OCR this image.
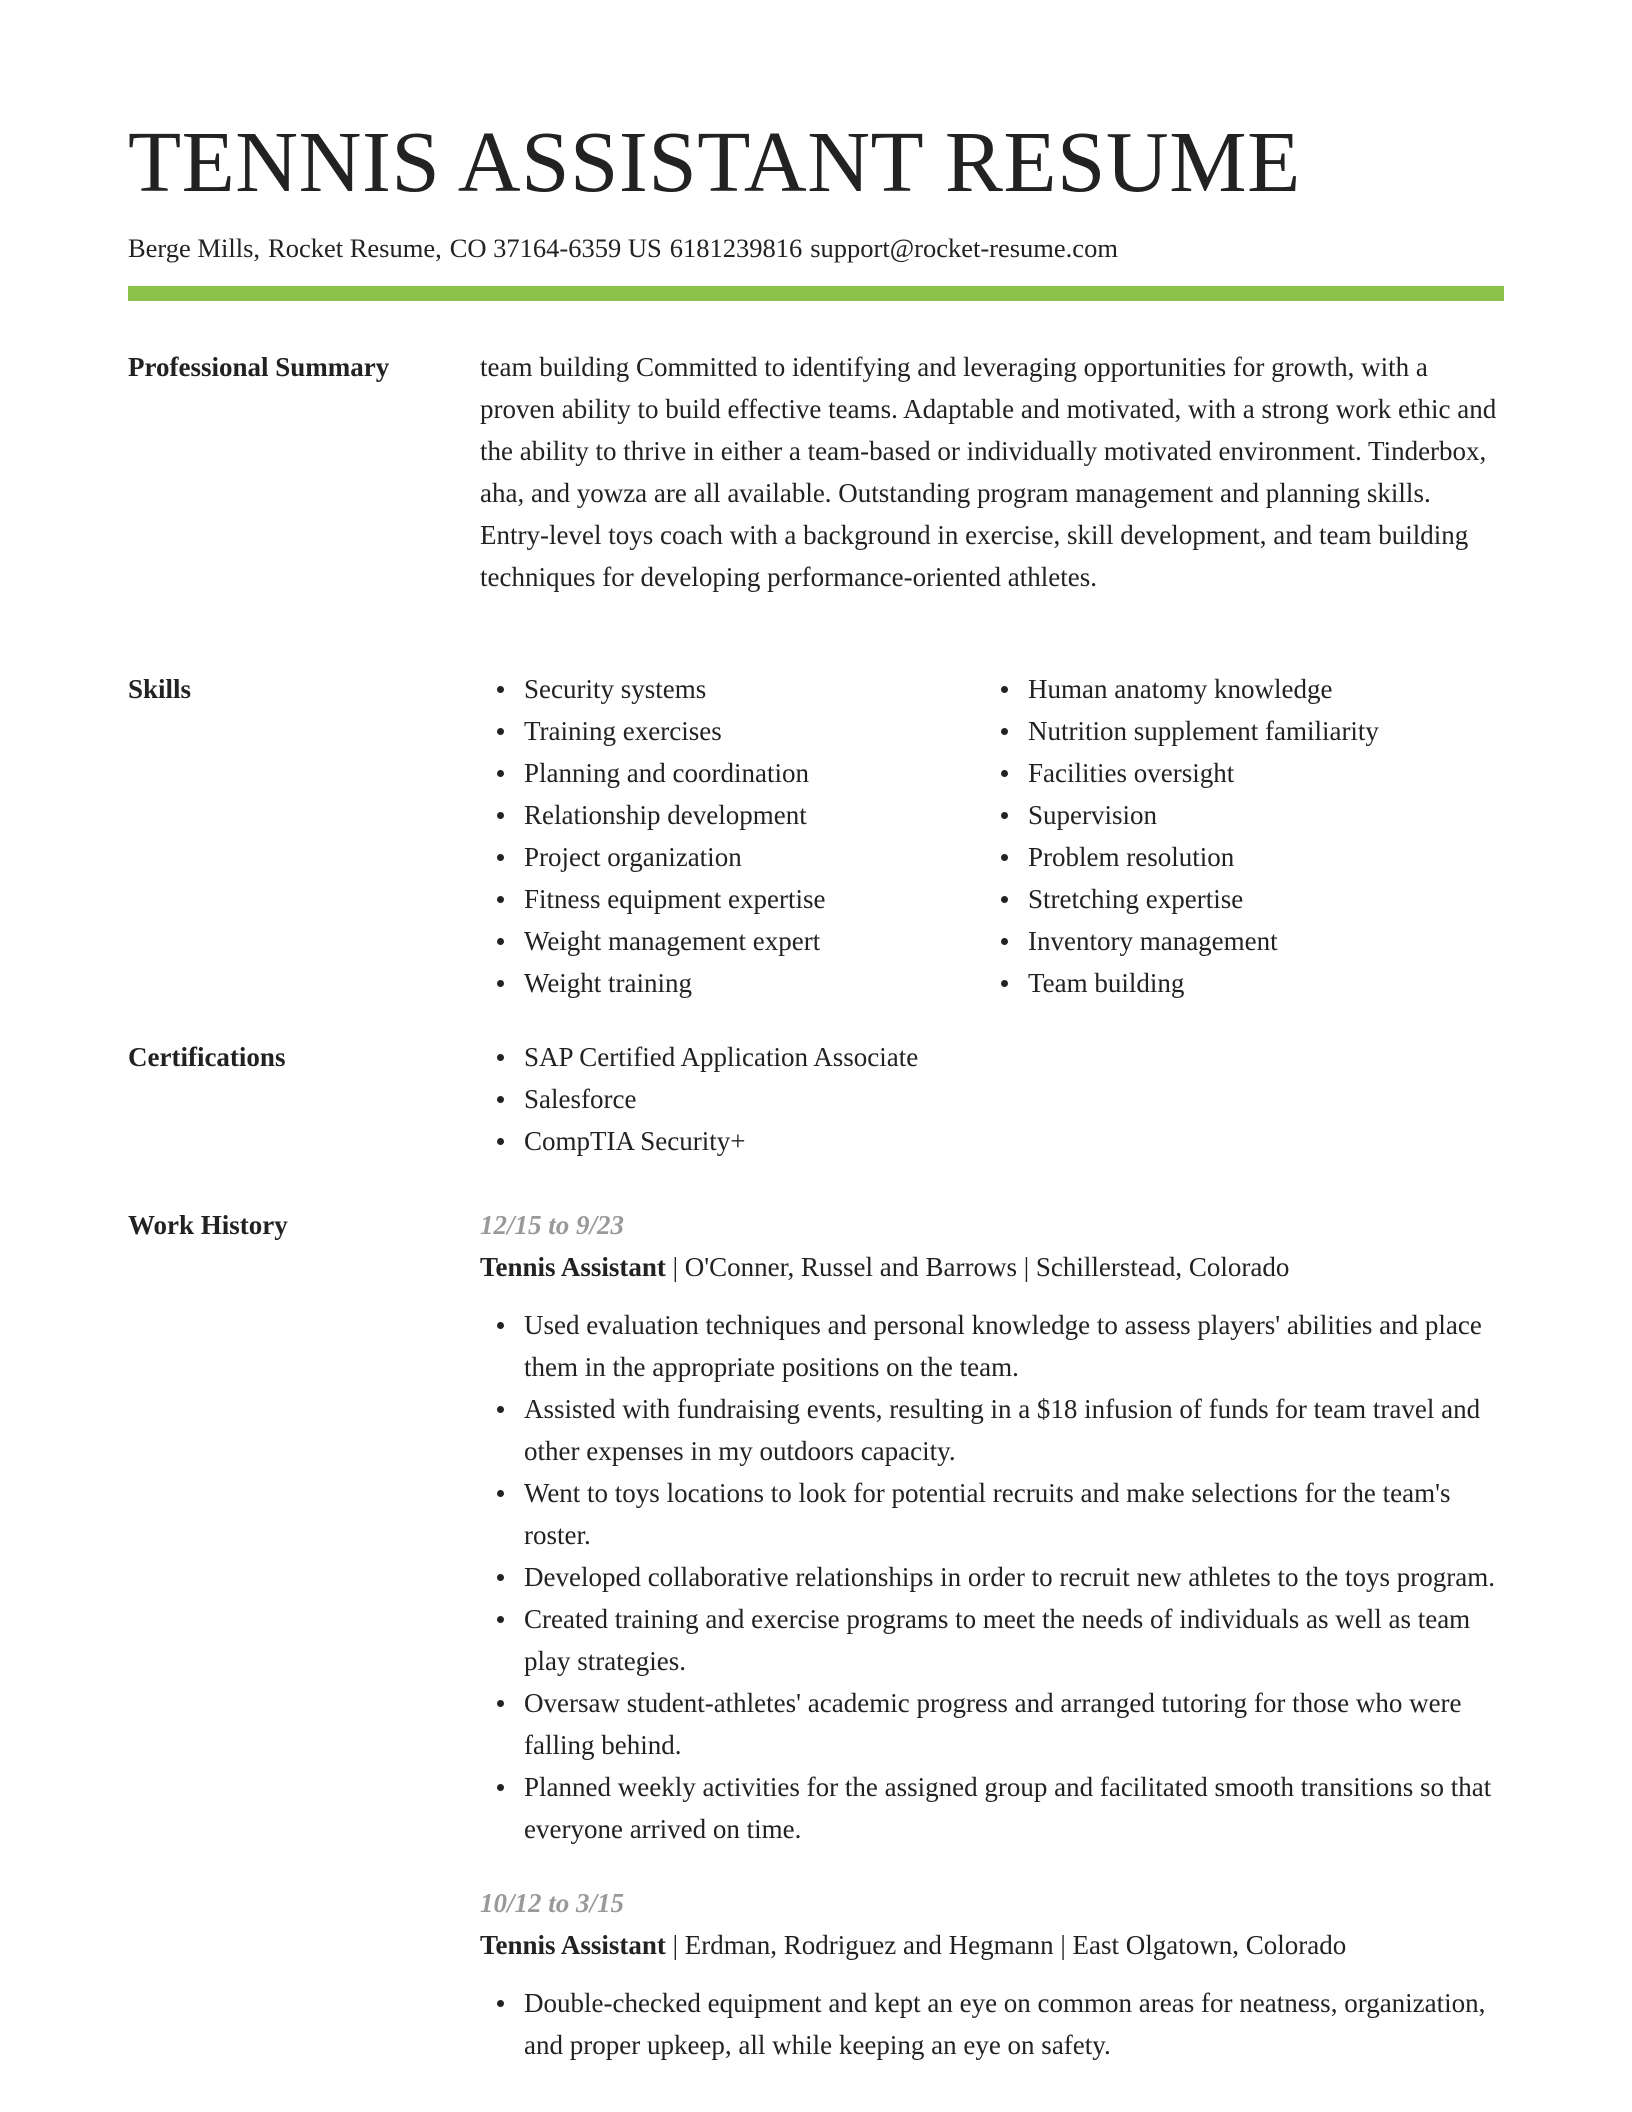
TENNIS ASSISTANT RESUME
Berge Mills, Rocket Resume, CO 37164-6359 US 6181239816 support@rocket-resume.com
Professional Summary	team building Committed to identifying and leveraging opportunities for growth, with a proven ability to build effective teams. Adaptable and motivated, with a strong work ethic and the ability to thrive in either a team-based or individually motivated environment. Tinderbox, aha, and yowza are all available. Outstanding program management and planning skills. Entry-level toys coach with a background in exercise, skill development, and team building techniques for developing performance-oriented athletes.

Skills	Security systems
Training exercises
Planning and coordination
Relationship development
Project organization
Fitness equipment expertise
Weight management expert
Weight training
Human anatomy knowledge
Nutrition supplement familiarity
Facilities oversight
Supervision
Problem resolution
Stretching expertise
Inventory management
Team building
Certifications	SAP Certified Application Associate
Salesforce
CompTIA Security+
Work History	12/15 to 9/23
Tennis Assistant | O'Conner, Russel and Barrows | Schillerstead, Colorado
Used evaluation techniques and personal knowledge to assess players' abilities and place them in the appropriate positions on the team.
Assisted with fundraising events, resulting in a $18 infusion of funds for team travel and other expenses in my outdoors capacity.
Went to toys locations to look for potential recruits and make selections for the team's roster.
Developed collaborative relationships in order to recruit new athletes to the toys program.
Created training and exercise programs to meet the needs of individuals as well as team play strategies.
Oversaw student-athletes' academic progress and arranged tutoring for those who were falling behind.
Planned weekly activities for the assigned group and facilitated smooth transitions so that everyone arrived on time.
10/12 to 3/15
Tennis Assistant | Erdman, Rodriguez and Hegmann | East Olgatown, Colorado
Double-checked equipment and kept an eye on common areas for neatness, organization, and proper upkeep, all while keeping an eye on safety.
